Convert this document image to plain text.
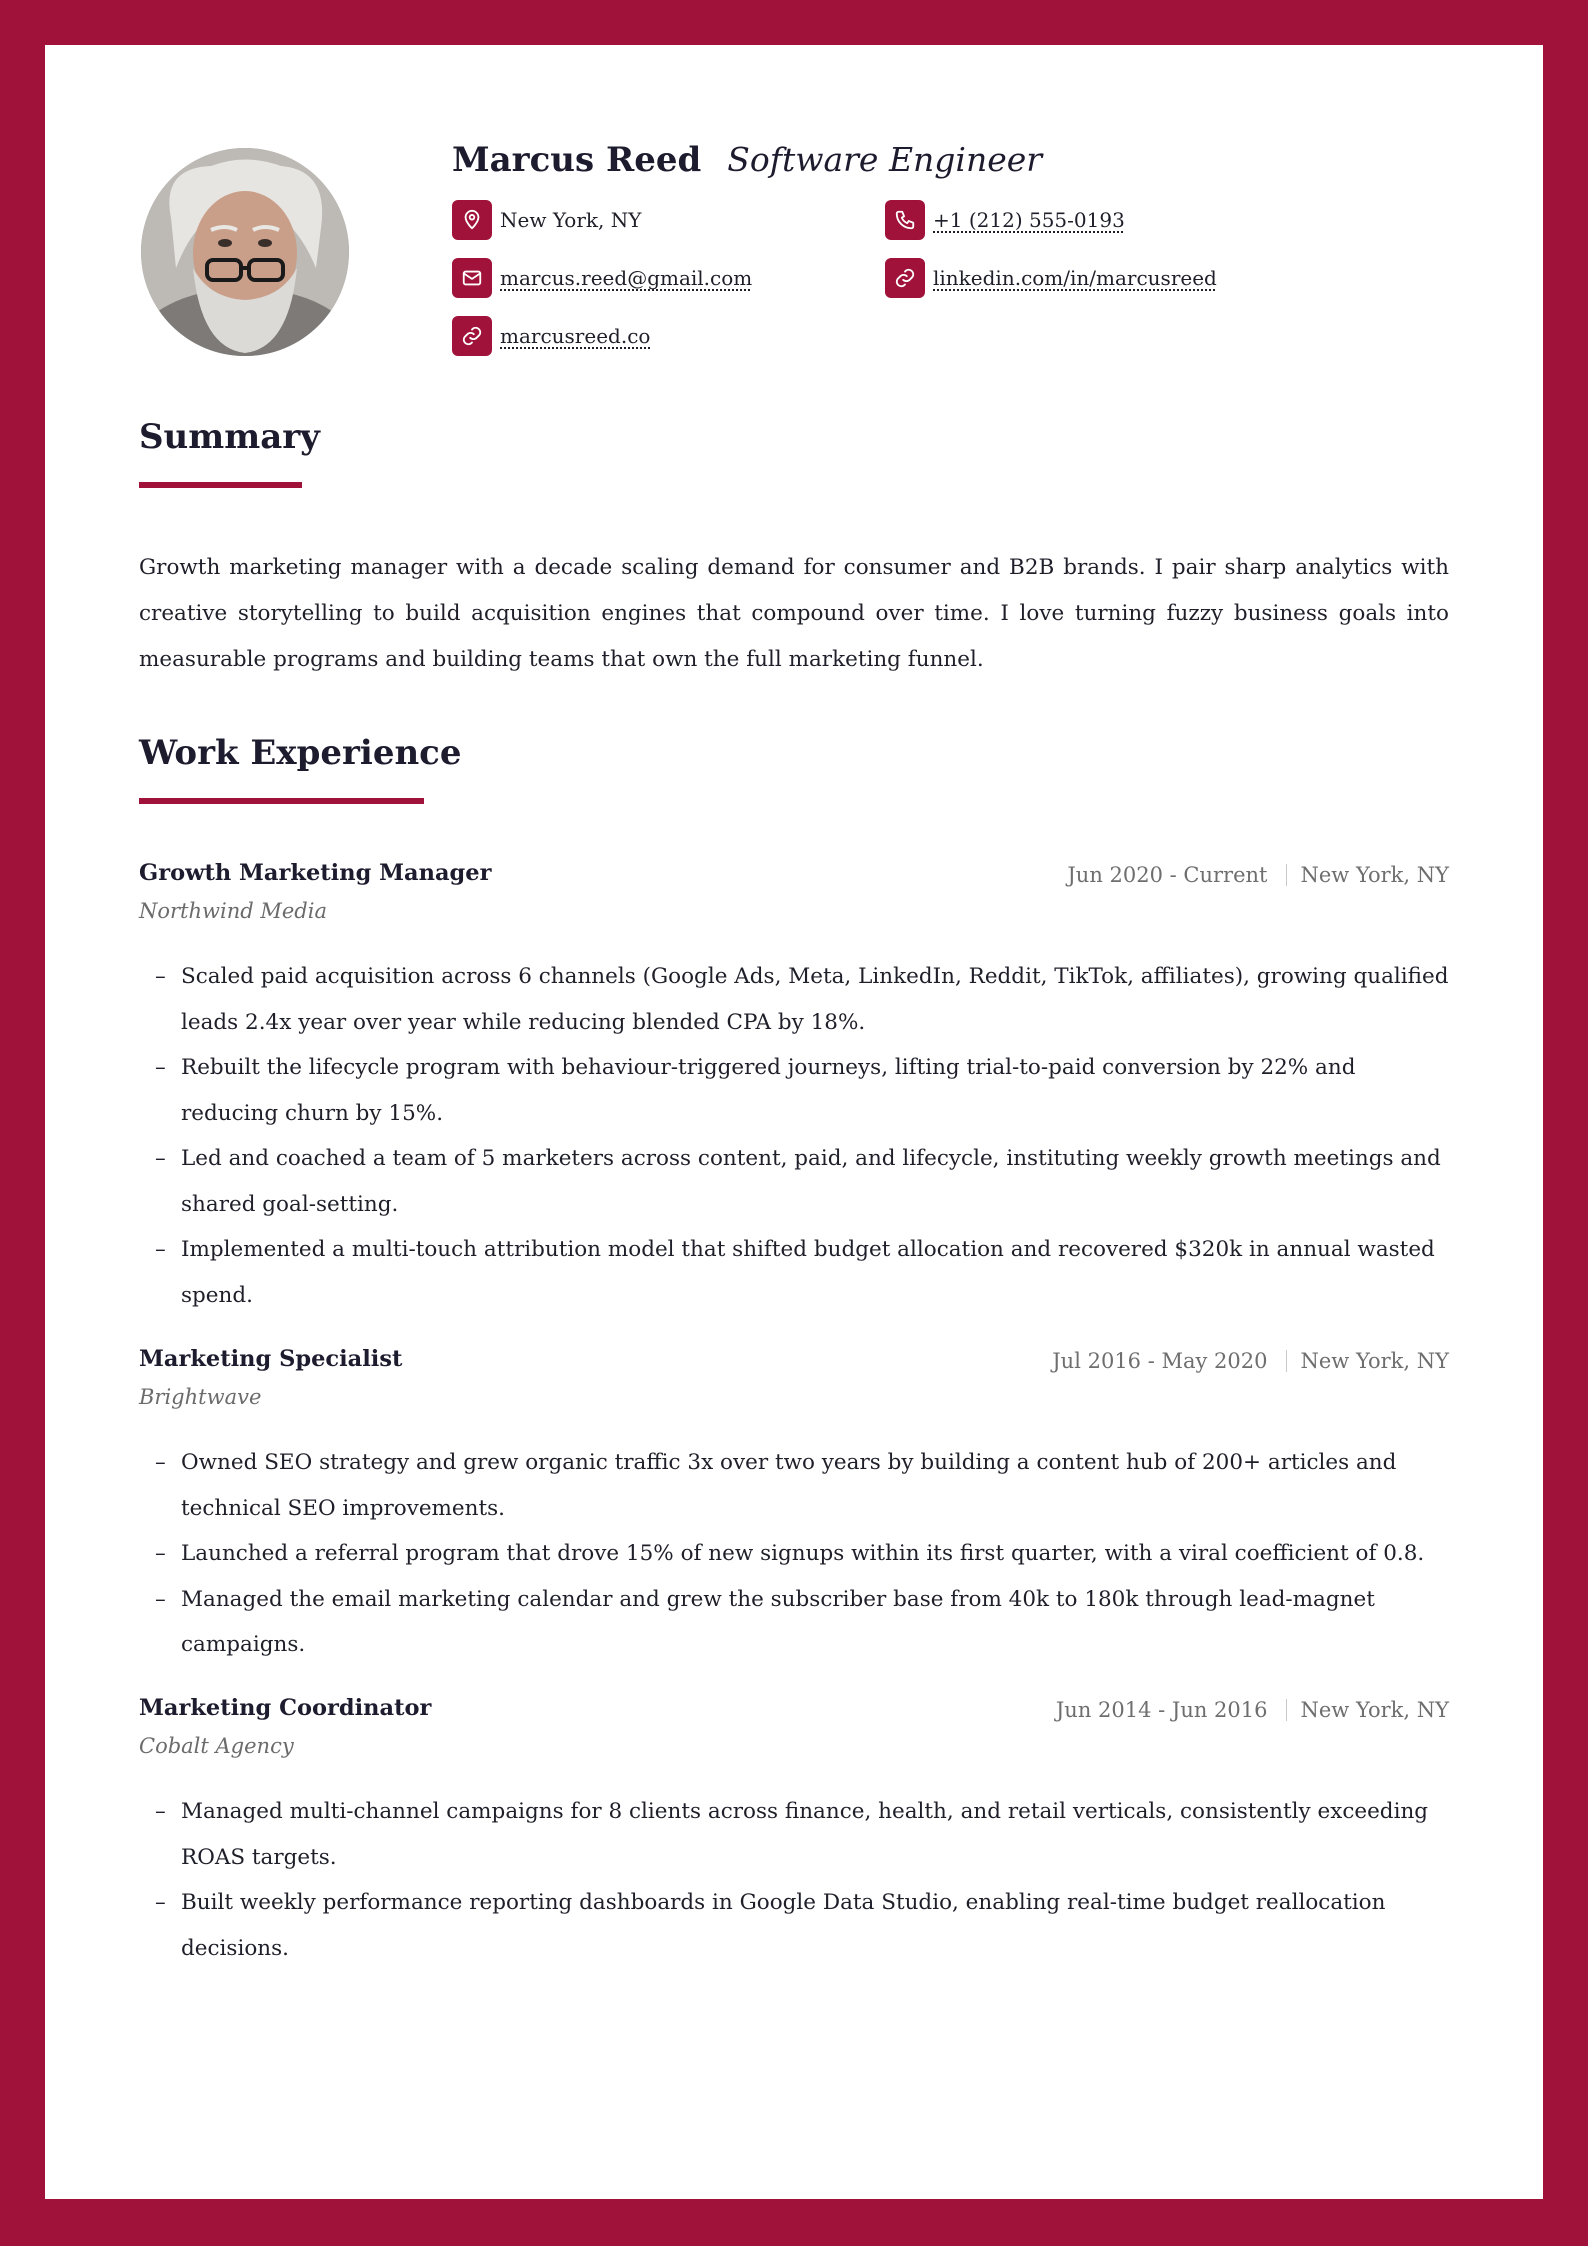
Marcus Reed Software Engineer
New York, NY	+1 (212) 555-0193
marcus.reed@gmail.com	linkedin.com/in/marcusreed
marcusreed.co
Summary

Growth marketing manager with a decade scaling demand for consumer and B2B brands. I pair sharp analytics with creative storytelling to build acquisition engines that compound over time. I love turning fuzzy business goals into measurable programs and building teams that own the full marketing funnel.

Work Experience
Growth Marketing Manager	Jun 2020 - Current New York, NY
Northwind Media
– Scaled paid acquisition across 6 channels (Google Ads, Meta, LinkedIn, Reddit, TikTok, affiliates), growing qualified leads 2.4x year over year while reducing blended CPA by 18%.
– Rebuilt the lifecycle program with behaviour-triggered journeys, lifting trial-to-paid conversion by 22% and reducing churn by 15%.
– Led and coached a team of 5 marketers across content, paid, and lifecycle, instituting weekly growth meetings and shared goal-setting.
– Implemented a multi-touch attribution model that shifted budget allocation and recovered $320k in annual wasted spend.
Marketing Specialist	Jul 2016 - May 2020 New York, NY
Brightwave
– Owned SEO strategy and grew organic traffic 3x over two years by building a content hub of 200+ articles and technical SEO improvements.
– Launched a referral program that drove 15% of new signups within its first quarter, with a viral coefficient of 0.8.
– Managed the email marketing calendar and grew the subscriber base from 40k to 180k through lead-magnet campaigns.
Marketing Coordinator	Jun 2014 - Jun 2016 New York, NY
Cobalt Agency
– Managed multi-channel campaigns for 8 clients across finance, health, and retail verticals, consistently exceeding ROAS targets.
– Built weekly performance reporting dashboards in Google Data Studio, enabling real-time budget reallocation decisions.
